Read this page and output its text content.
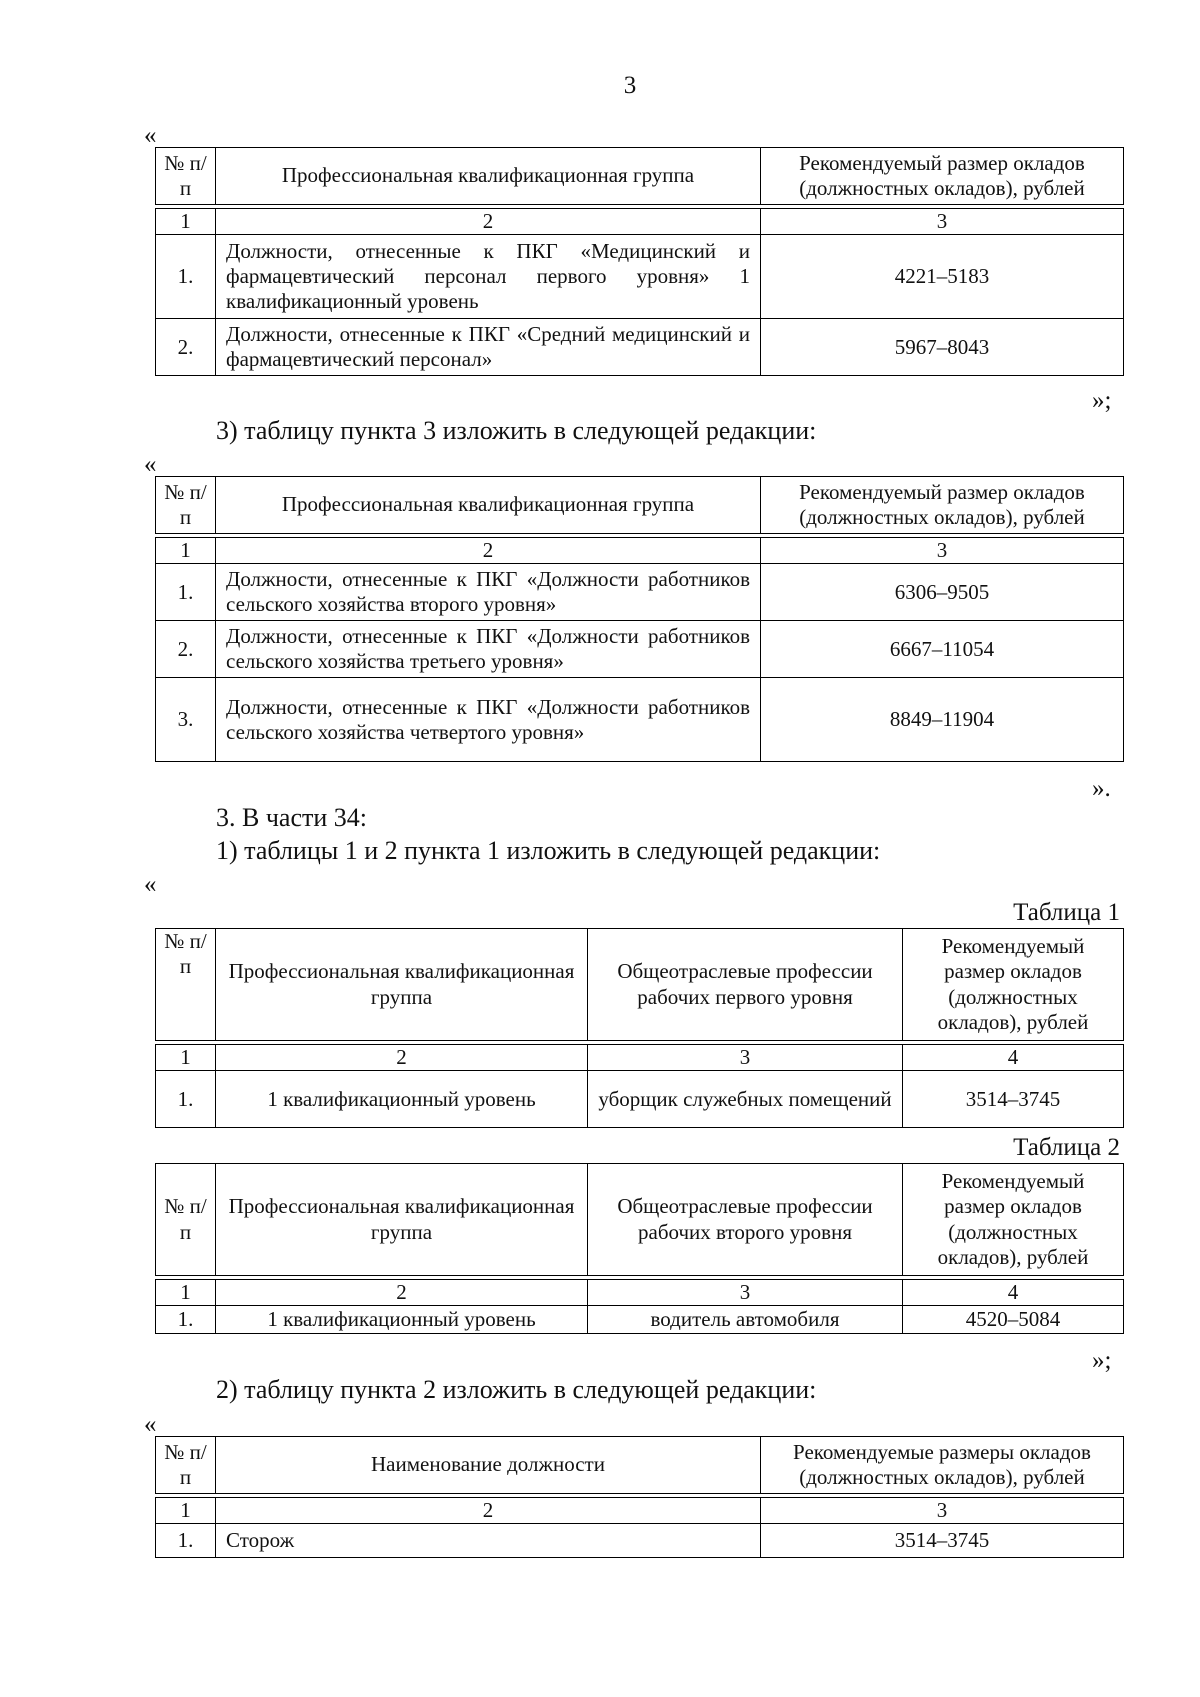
3
«
№ п/п	Профессиональная квалификационная группа	Рекомендуемый размер окладов (должностных окладов), рублей

1	2	3
1.	Должности, отнесенные к ПКГ «Медицинский и фармацевтический персонал первого уровня» 1 квалификационный уровень	4221–5183
2.	Должности, отнесенные к ПКГ «Средний медицинский и фармацевтический персонал»	5967–8043
»;
3) таблицу пункта 3 изложить в следующей редакции:
«
№ п/п	Профессиональная квалификационная группа	Рекомендуемый размер окладов (должностных окладов), рублей

1	2	3
1.	Должности, отнесенные к ПКГ «Должности работников сельского хозяйства второго уровня»	6306–9505
2.	Должности, отнесенные к ПКГ «Должности работников сельского хозяйства третьего уровня»	6667–11054
3.	Должности, отнесенные к ПКГ «Должности работников сельского хозяйства четвертого уровня»	8849–11904
».
3. В части 34:
1) таблицы 1 и 2 пункта 1 изложить в следующей редакции:
«
Таблица 1
№ п/п	Профессиональная квалификационная группа	Общеотраслевые профессии рабочих первого уровня	Рекомендуемый размер окладов (должностных окладов), рублей

1	2	3	4
1.	1 квалификационный уровень	уборщик служебных помещений	3514–3745
Таблица 2
№ п/п	Профессиональная квалификационная группа	Общеотраслевые профессии рабочих второго уровня	Рекомендуемый размер окладов (должностных окладов), рублей

1	2	3	4
1.	1 квалификационный уровень	водитель автомобиля	4520–5084
»;
2) таблицу пункта 2 изложить в следующей редакции:
«
№ п/п	Наименование должности	Рекомендуемые размеры окладов (должностных окладов), рублей

1	2	3
1.	Сторож	3514–3745
